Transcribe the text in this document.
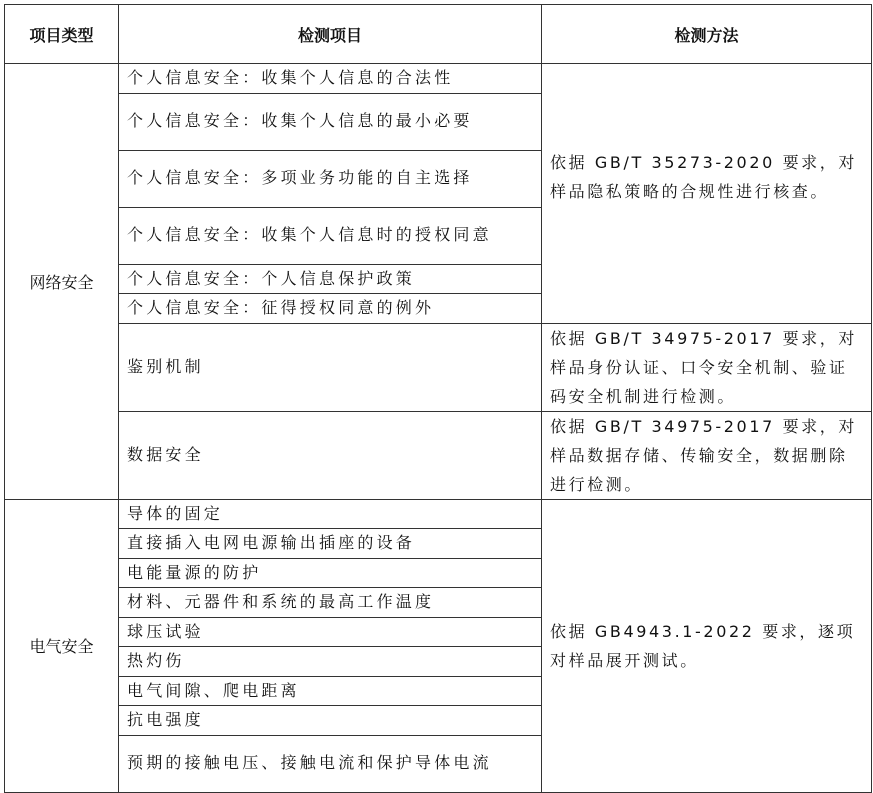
项目类型	检测项目	检测方法
网络安全	个人信息安全：收集个人信息的合法性	依据 GB/T 35273-2020 要求，对样品隐私策略的合规性进行核查。
	个人信息安全：收集个人信息的最小必要	
	个人信息安全：多项业务功能的自主选择	
	个人信息安全：收集个人信息时的授权同意	
	个人信息安全：个人信息保护政策	
	个人信息安全：征得授权同意的例外	
	鉴别机制	依据 GB/T 34975-2017 要求，对样品身份认证、口令安全机制、验证码安全机制进行检测。
	数据安全	依据 GB/T 34975-2017 要求，对样品数据存储、传输安全，数据删除进行检测。
电气安全	导体的固定	依据 GB4943.1-2022 要求，逐项对样品展开测试。
	直接插入电网电源输出插座的设备	
	电能量源的防护	
	材料、元器件和系统的最高工作温度	
	球压试验	
	热灼伤	
	电气间隙、爬电距离	
	抗电强度	
	预期的接触电压、接触电流和保护导体电流	
